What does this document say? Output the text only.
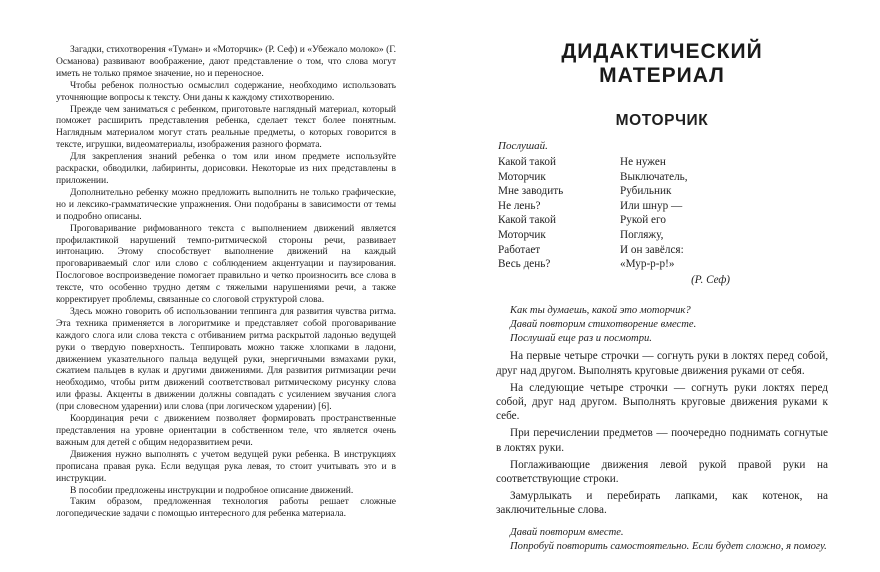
Загадки, стихотворения «Туман» и «Моторчик» (Р. Сеф) и «Убежало молоко» (Г. Османова) развивают воображение, дают представление о том, что слова могут иметь не только прямое значение, но и переносное.

Чтобы ребенок полностью осмыслил содержание, необходимо использовать уточняющие вопросы к тексту. Они даны к каждому стихотворению.

Прежде чем заниматься с ребенком, приготовьте наглядный материал, который поможет расширить представления ребенка, сделает текст более понятным. Наглядным материалом могут стать реальные предметы, о которых говорится в тексте, игрушки, видеоматериалы, изображения разного формата.

Для закрепления знаний ребенка о том или ином предмете используйте раскраски, обводилки, лабиринты, дорисовки. Некоторые из них представлены в приложении.

Дополнительно ребенку можно предложить выполнить не только графические, но и лексико-грамматические упражнения. Они подобраны в зависимости от темы и подробно описаны.

Проговаривание рифмованного текста с выполнением движений является профилактикой нарушений темпо-ритмической стороны речи, развивает интонацию. Этому способствует выполнение движений на каждый проговариваемый слог или слово с соблюдением акцентуации и паузирования. Послоговое воспроизведение помогает правильно и четко произносить все слова в тексте, что особенно трудно детям с тяжелыми нарушениями речи, а также корректирует проблемы, связанные со слоговой структурой слова.

Здесь можно говорить об использовании теппинга для развития чувства ритма. Эта техника применяется в логоритмике и представляет собой проговаривание каждого слога или слова текста с отбиванием ритма раскрытой ладонью ведущей руки о твердую поверхность. Теппировать можно также хлопками в ладони, движением указательного пальца ведущей руки, энергичными взмахами руки, сжатием пальцев в кулак и другими движениями. Для развития ритмизации речи необходимо, чтобы ритм движений соответствовал ритмическому рисунку слова или фразы. Акценты в движении должны совпадать с усилением звучания слога (при словесном ударении) или слова (при логическом ударении) [6].

Координация речи с движением позволяет формировать пространственные представления на уровне ориентации в собственном теле, что является очень важным для детей с общим недоразвитием речи.

Движения нужно выполнять с учетом ведущей руки ребенка. В инструкциях прописана правая рука. Если ведущая рука левая, то стоит учитывать это и в инструкции.

В пособии предложены инструкции и подробное описание движений.

Таким образом, предложенная технология работы решает сложные логопедические задачи с помощью интересного для ребенка материала.

ДИДАКТИЧЕСКИЙ МАТЕРИАЛ
МОТОРЧИК

Послушай.

Какой такой
Моторчик
Мне заводить
Не лень?
Какой такой
Моторчик
Работает
Весь день?
Не нужен
Выключатель,
Рубильник
Или шнур —
Рукой его
Погляжу,
И он завёлся:
«Мур-р-р!»
(Р. Сеф)

Как ты думаешь, какой это моторчик?

Давай повторим стихотворение вместе.

Послушай еще раз и посмотри.

На первые четыре строчки — согнуть руки в локтях перед собой, друг над другом. Выполнять круговые движения руками от себя.

На следующие четыре строчки — согнуть руки локтях перед собой, друг над другом. Выполнять круговые движения руками к себе.

При перечислении предметов — поочередно поднимать согнутые в локтях руки.

Поглаживающие движения левой рукой правой руки на соответствующие строки.

Замурлыкать и перебирать лапками, как котенок, на заключительные слова.

Давай повторим вместе.

Попробуй повторить самостоятельно. Если будет сложно, я помогу.
